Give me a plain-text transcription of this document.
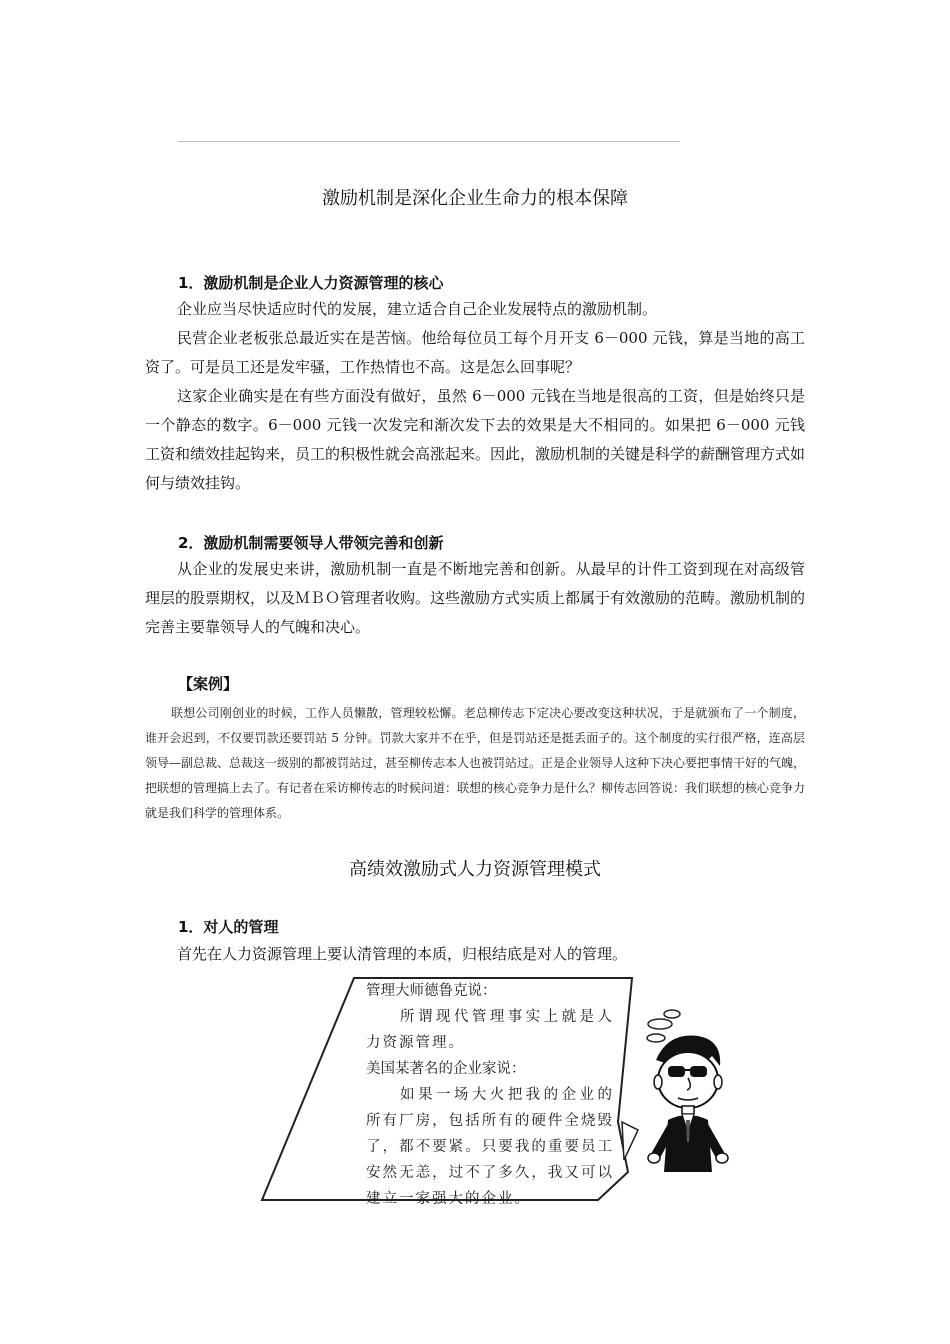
激励机制是深化企业生命力的根本保障
1．激励机制是企业人力资源管理的核心

企业应当尽快适应时代的发展，建立适合自己企业发展特点的激励机制。

民营企业老板张总最近实在是苦恼。他给每位员工每个月开支 6－000 元钱，算是当地的高工资了。可是员工还是发牢骚，工作热情也不高。这是怎么回事呢？

这家企业确实是在有些方面没有做好，虽然 6－000 元钱在当地是很高的工资，但是始终只是一个静态的数字。6－000 元钱一次发完和渐次发下去的效果是大不相同的。如果把 6－000 元钱工资和绩效挂起钩来，员工的积极性就会高涨起来。因此，激励机制的关键是科学的薪酬管理方式如何与绩效挂钩。

2．激励机制需要领导人带领完善和创新

从企业的发展史来讲，激励机制一直是不断地完善和创新。从最早的计件工资到现在对高级管理层的股票期权，以及ＭＢＯ管理者收购。这些激励方式实质上都属于有效激励的范畴。激励机制的完善主要靠领导人的气魄和决心。

【案例】
联想公司刚创业的时候，工作人员懒散，管理较松懈。老总柳传志下定决心要改变这种状况，于是就颁布了一个制度，谁开会迟到，不仅要罚款还要罚站 5 分钟。罚款大家并不在乎，但是罚站还是挺丢面子的。这个制度的实行很严格，连高层领导—副总裁、总裁这一级别的都被罚站过，甚至柳传志本人也被罚站过。正是企业领导人这种下决心要把事情干好的气魄，把联想的管理搞上去了。有记者在采访柳传志的时候问道：联想的核心竞争力是什么？柳传志回答说：我们联想的核心竞争力就是我们科学的管理体系。
高绩效激励式人力资源管理模式
1．对人的管理
首先在人力资源管理上要认清管理的本质，归根结底是对人的管理。
管理大师德鲁克说：
所谓现代管理事实上就是人力资源管理。
美国某著名的企业家说：
如果一场大火把我的企业的所有厂房，包括所有的硬件全烧毁了，都不要紧。只要我的重要员工安然无恙，过不了多久，我又可以建立一家强大的企业。
